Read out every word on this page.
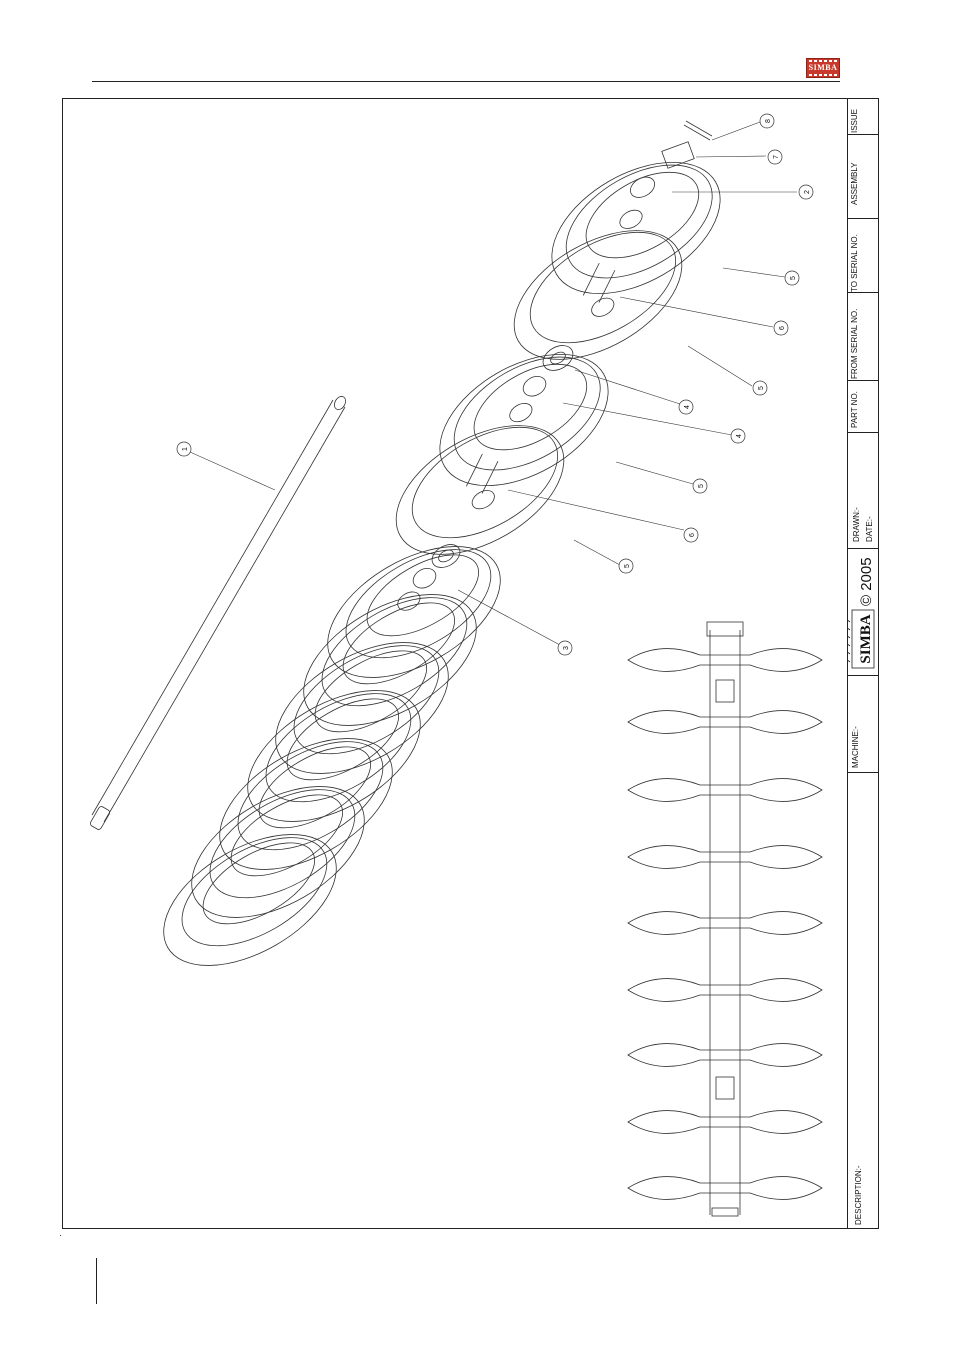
SIMBA
1
2
3
4
4
5
5
5
5
6
6
7
8	ISSUE
ASSEMBLY
TO SERIAL NO.
FROM SERIAL NO.
PART NO.
DRAWN:- DATE:-
© 2005
SIMBA
MACHINE:-
DESCRIPTION:-
